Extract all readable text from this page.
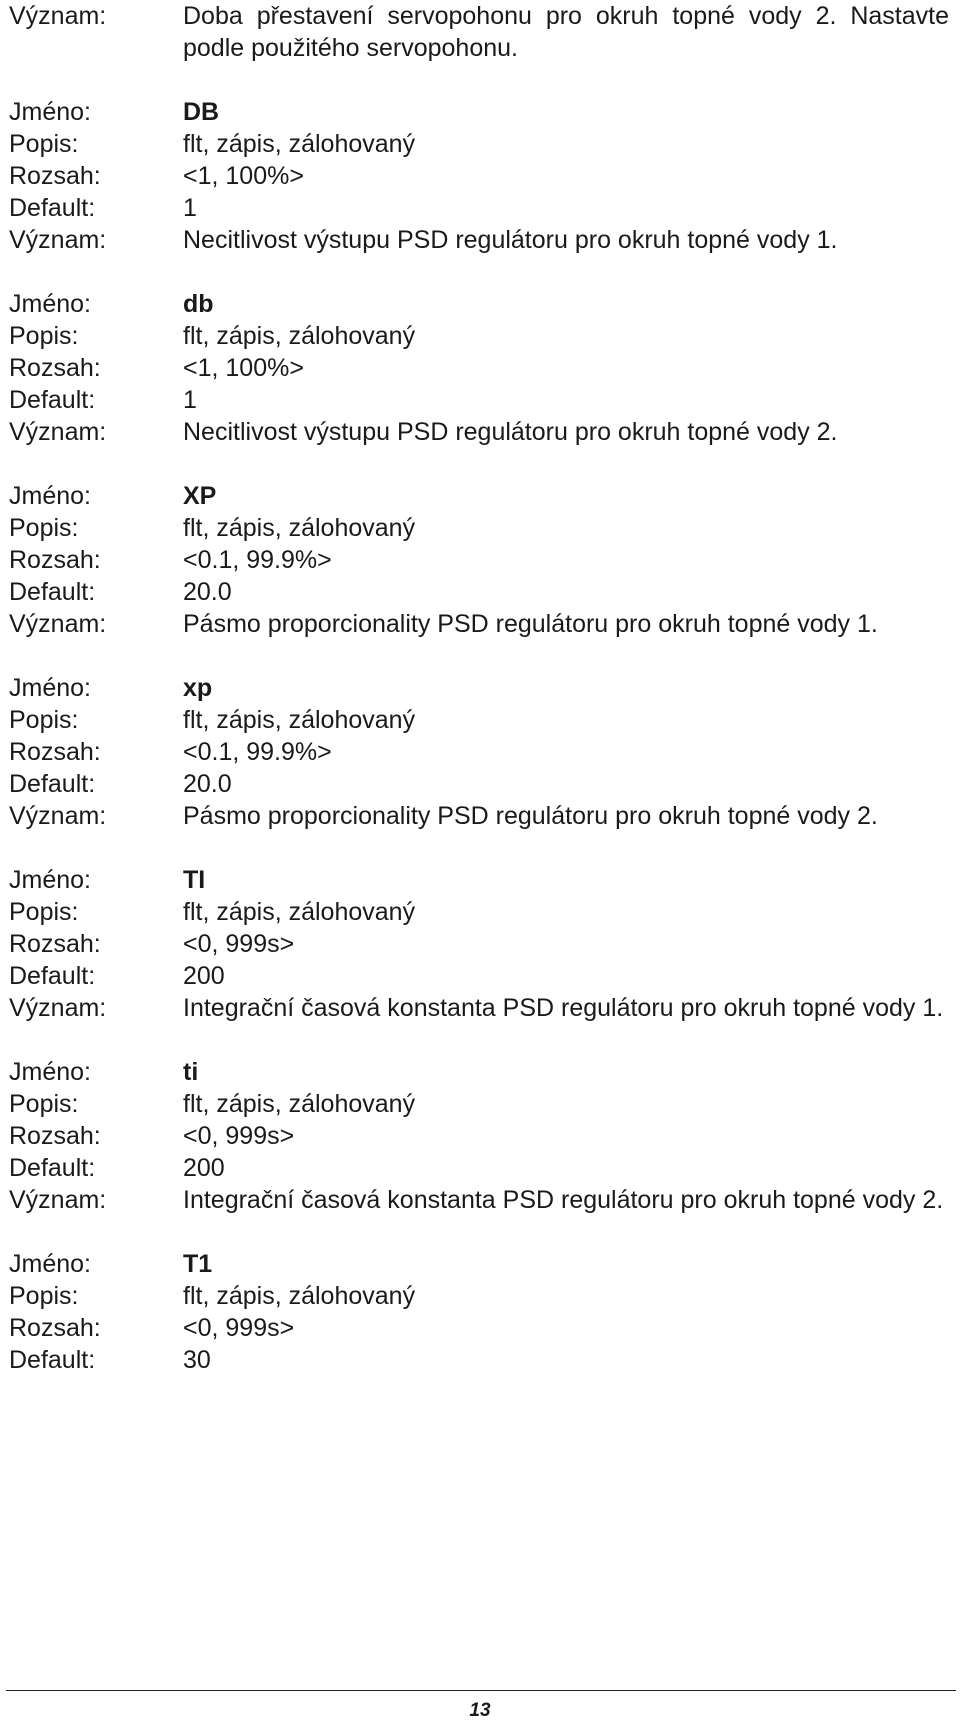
Význam:	Doba přestavení servopohonu pro okruh topné vody 2. Nastavte podle použitého servopohonu.
Jméno:	DB
Popis:	flt, zápis, zálohovaný
Rozsah:	<1, 100%>
Default:	1
Význam:	Necitlivost výstupu PSD regulátoru pro okruh topné vody 1.
Jméno:	db
Popis:	flt, zápis, zálohovaný
Rozsah:	<1, 100%>
Default:	1
Význam:	Necitlivost výstupu PSD regulátoru pro okruh topné vody 2.
Jméno:	XP
Popis:	flt, zápis, zálohovaný
Rozsah:	<0.1, 99.9%>
Default:	20.0
Význam:	Pásmo proporcionality PSD regulátoru pro okruh topné vody 1.
Jméno:	xp
Popis:	flt, zápis, zálohovaný
Rozsah:	<0.1, 99.9%>
Default:	20.0
Význam:	Pásmo proporcionality PSD regulátoru pro okruh topné vody 2.
Jméno:	TI
Popis:	flt, zápis, zálohovaný
Rozsah:	<0, 999s>
Default:	200
Význam:	Integrační časová konstanta PSD regulátoru pro okruh topné vody 1.
Jméno:	ti
Popis:	flt, zápis, zálohovaný
Rozsah:	<0, 999s>
Default:	200
Význam:	Integrační časová konstanta PSD regulátoru pro okruh topné vody 2.
Jméno:	T1
Popis:	flt, zápis, zálohovaný
Rozsah:	<0, 999s>
Default:	30
13
